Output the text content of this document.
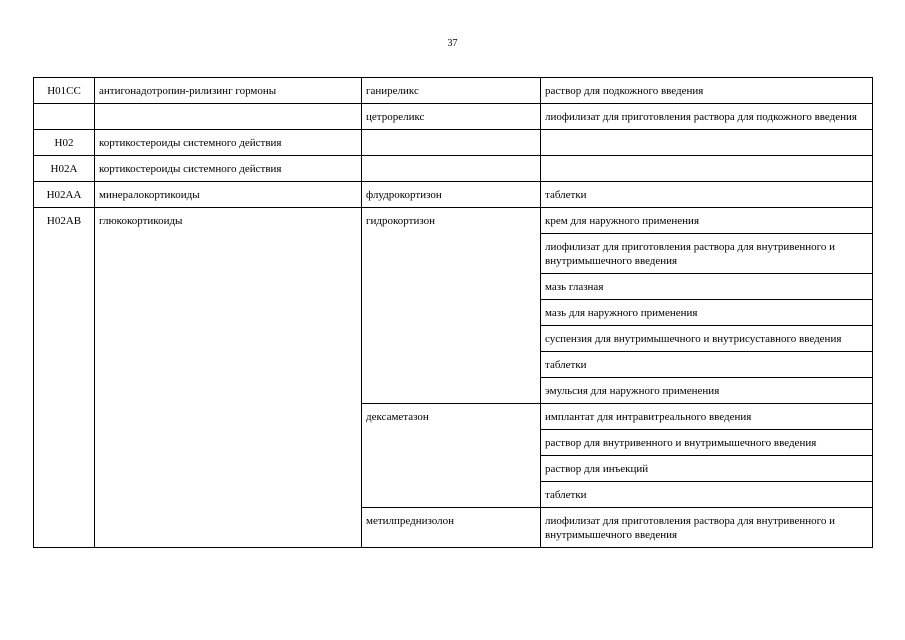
37
H01CC	антигонадотропин-рилизинг гормоны	ганиреликс	раствор для подкожного введения
		цетрореликс	лиофилизат для приготовления раствора для подкожного введения
H02	кортикостероиды системного действия		
H02A	кортикостероиды системного действия		
H02AA	минералокортикоиды	флудрокортизон	таблетки
H02AB	глюкокортикоиды	гидрокортизон	крем для наружного применения
			лиофилизат для приготовления раствора для внутривенного и внутримышечного введения
			мазь глазная
			мазь для наружного применения
			суспензия для внутримышечного и внутрисуставного введения
			таблетки
			эмульсия для наружного применения
		дексаметазон	имплантат для интравитреального введения
			раствор для внутривенного и внутримышечного введения
			раствор для инъекций
			таблетки
		метилпреднизолон	лиофилизат для приготовления раствора для внутривенного и внутримышечного введения
